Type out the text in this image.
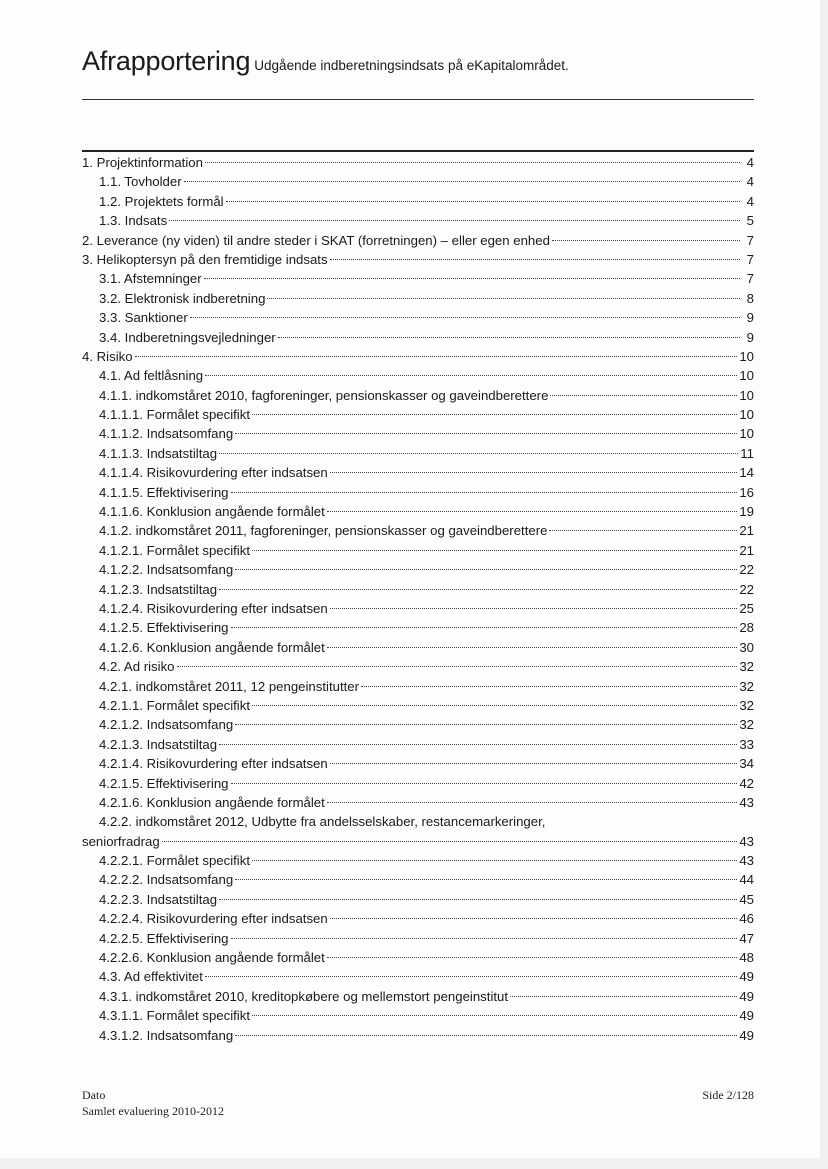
Afrapportering Udgående indberetningsindsats på eKapitalområdet.
1. Projektinformation	4
1.1. Tovholder	4
1.2. Projektets formål	4
1.3. Indsats	5
2. Leverance (ny viden) til andre steder i SKAT (forretningen) – eller egen enhed	7
3. Helikoptersyn på den fremtidige indsats	7
3.1. Afstemninger	7
3.2. Elektronisk indberetning	8
3.3. Sanktioner	9
3.4. Indberetningsvejledninger	9
4. Risiko	10
4.1. Ad feltlåsning	10
4.1.1. indkomståret 2010, fagforeninger, pensionskasser og gaveindberettere	10
4.1.1.1. Formålet specifikt	10
4.1.1.2. Indsatsomfang	10
4.1.1.3. Indsatstiltag	11
4.1.1.4. Risikovurdering efter indsatsen	14
4.1.1.5. Effektivisering	16
4.1.1.6. Konklusion angående formålet	19
4.1.2. indkomståret 2011, fagforeninger, pensionskasser og gaveindberettere	21
4.1.2.1. Formålet specifikt	21
4.1.2.2. Indsatsomfang	22
4.1.2.3. Indsatstiltag	22
4.1.2.4. Risikovurdering efter indsatsen	25
4.1.2.5. Effektivisering	28
4.1.2.6. Konklusion angående formålet	30
4.2. Ad risiko	32
4.2.1. indkomståret 2011, 12 pengeinstitutter	32
4.2.1.1. Formålet specifikt	32
4.2.1.2. Indsatsomfang	32
4.2.1.3. Indsatstiltag	33
4.2.1.4. Risikovurdering efter indsatsen	34
4.2.1.5. Effektivisering	42
4.2.1.6. Konklusion angående formålet	43
4.2.2. indkomståret 2012, Udbytte fra andelsselskaber, restancemarkeringer,
seniorfradrag	43
4.2.2.1. Formålet specifikt	43
4.2.2.2. Indsatsomfang	44
4.2.2.3. Indsatstiltag	45
4.2.2.4. Risikovurdering efter indsatsen	46
4.2.2.5. Effektivisering	47
4.2.2.6. Konklusion angående formålet	48
4.3. Ad effektivitet	49
4.3.1. indkomståret 2010, kreditopkøbere og mellemstort pengeinstitut	49
4.3.1.1. Formålet specifikt	49
4.3.1.2. Indsatsomfang	49
Dato	Side 2/128
Samlet evaluering 2010-2012
